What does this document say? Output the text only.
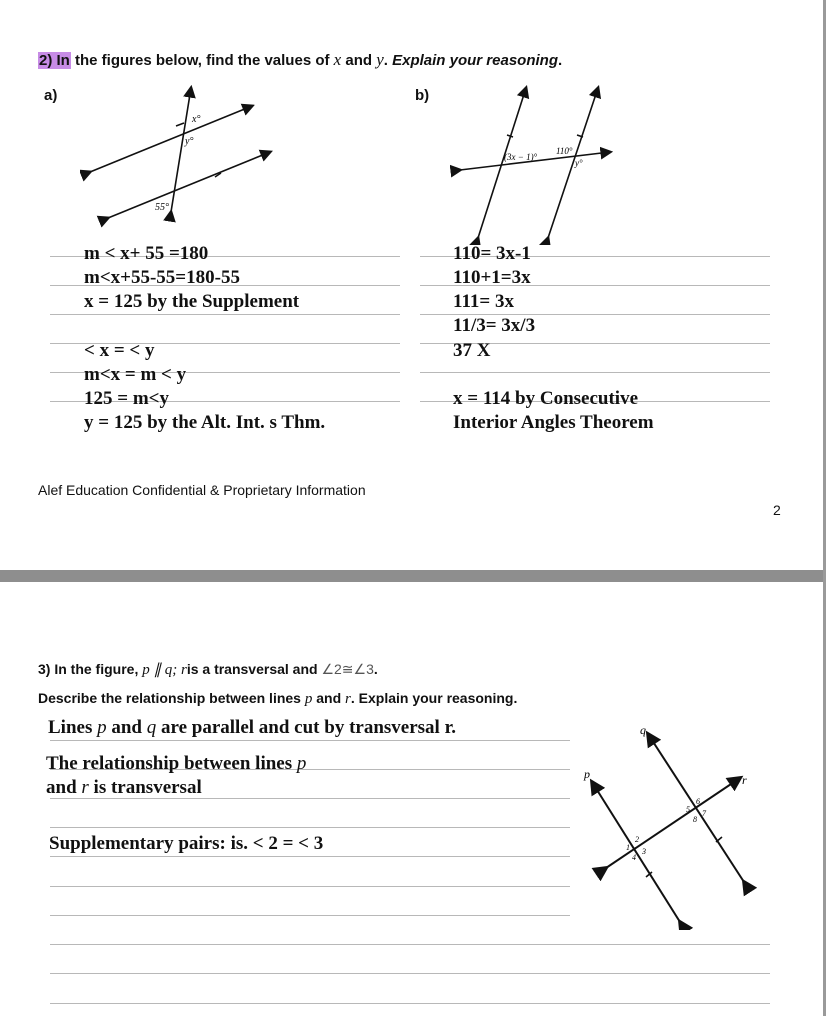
2) In the figures below, find the values of x and y. Explain your reasoning.
a)	b)
x°
y°
55°
(3x − 1)°
110°
y°
m < x+ 55 =180
m<x+55-55=180-55
x = 125 by the Supplement
< x = < y
m<x = m < y
125 = m<y
y = 125 by the Alt. Int. s Thm.
110= 3x-1
110+1=3x
111= 3x
11/3= 3x/3
37 X
x = 114 by Consecutive
Interior Angles Theorem
Alef Education Confidential & Proprietary Information
2
3) In the figure, p ∥ q; ris a transversal and ∠2≅∠3.
Describe the relationship between lines p and r. Explain your reasoning.
Lines p and q are parallel and cut by transversal r.
The relationship between lines p
and r is transversal
Supplementary pairs: is. < 2 = < 3
p
q
r
1
2
3
4
5
6
7
8
